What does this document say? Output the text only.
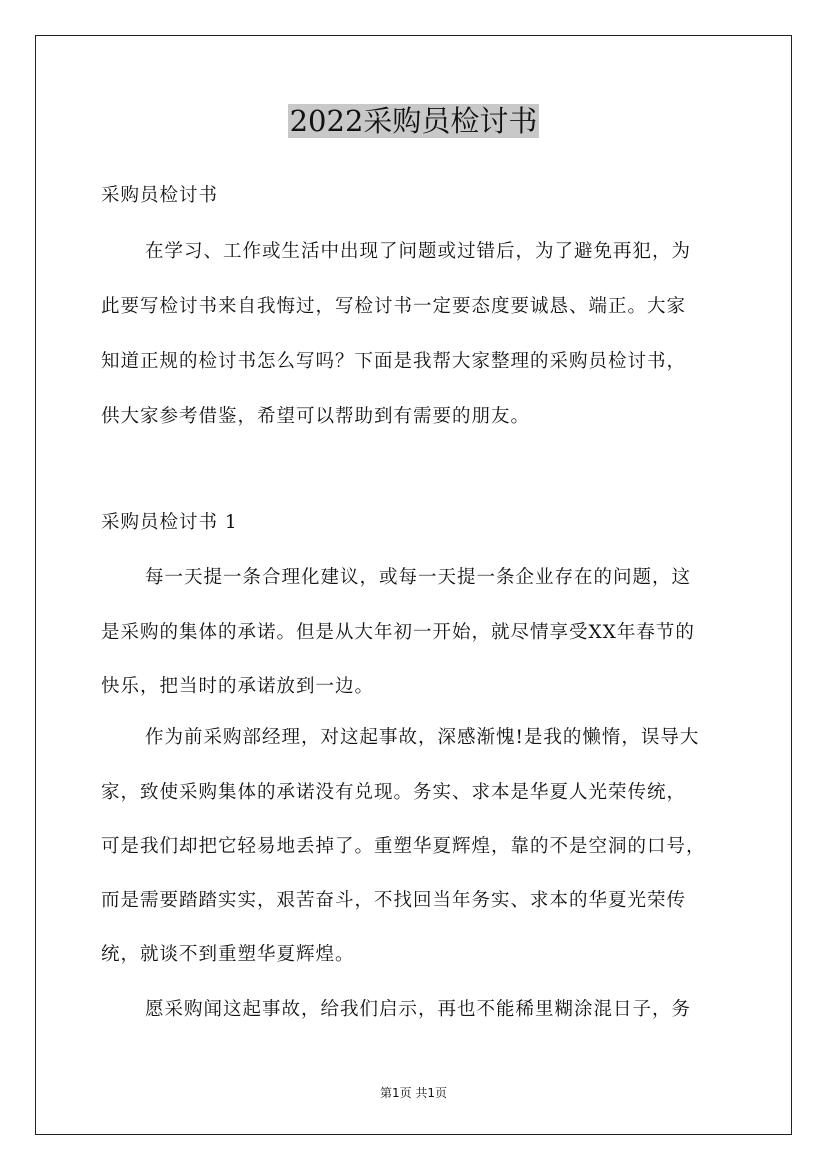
2022采购员检讨书
采购员检讨书
在学习、工作或生活中出现了问题或过错后，为了避免再犯，为
此要写检讨书来自我悔过，写检讨书一定要态度要诚恳、端正。大家
知道正规的检讨书怎么写吗？下面是我帮大家整理的采购员检讨书，
供大家参考借鉴，希望可以帮助到有需要的朋友。
采购员检讨书 1
每一天提一条合理化建议，或每一天提一条企业存在的问题，这
是采购的集体的承诺。但是从大年初一开始，就尽情享受XX年春节的
快乐，把当时的承诺放到一边。
作为前采购部经理，对这起事故，深感渐愧!是我的懒惰，误导大
家，致使采购集体的承诺没有兑现。务实、求本是华夏人光荣传统，
可是我们却把它轻易地丢掉了。重塑华夏辉煌，靠的不是空洞的口号，
而是需要踏踏实实，艰苦奋斗，不找回当年务实、求本的华夏光荣传
统，就谈不到重塑华夏辉煌。
愿采购闻这起事故，给我们启示，再也不能稀里糊涂混日子，务
第1页 共1页
